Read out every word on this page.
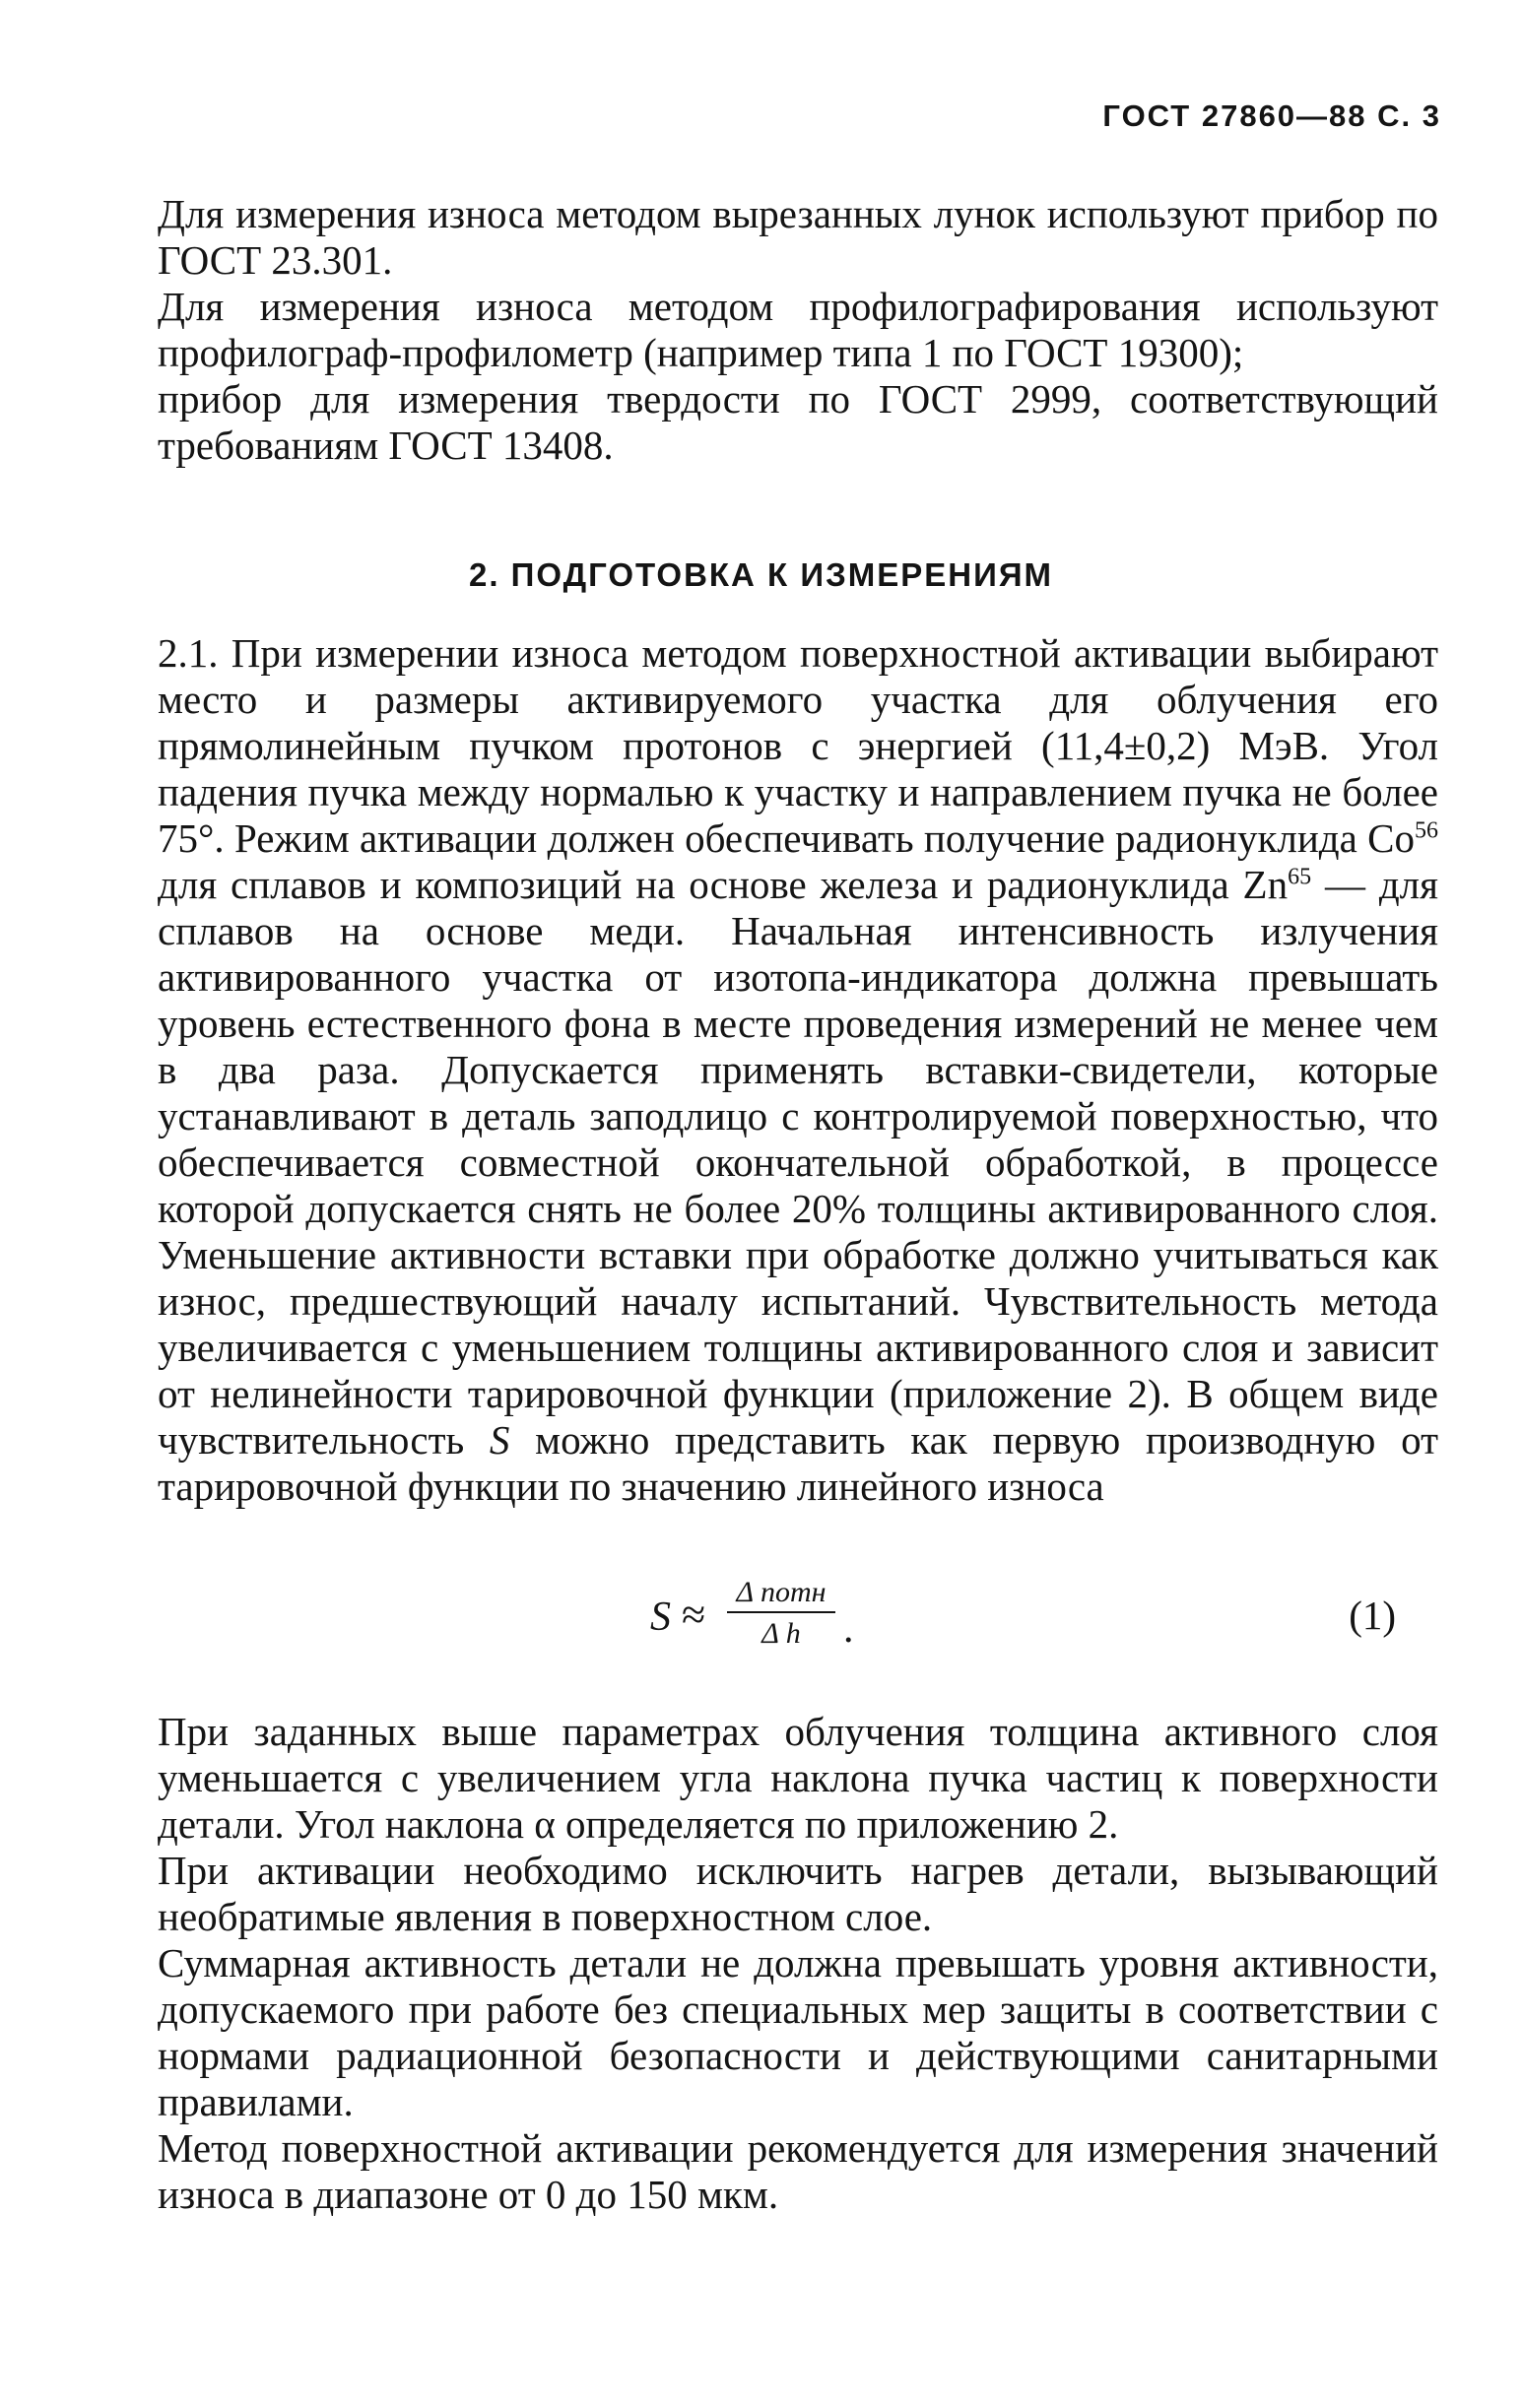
ГОСТ 27860—88 С. 3

Для измерения износа методом вырезанных лунок используют прибор по ГОСТ 23.301.

Для измерения износа методом профилографирования используют профилограф-профилометр (например типа 1 по ГОСТ 19300);

прибор для измерения твердости по ГОСТ 2999, соответствующий требованиям ГОСТ 13408.

2. ПОДГОТОВКА К ИЗМЕРЕНИЯМ

2.1. При измерении износа методом поверхностной активации выбирают место и размеры активируемого участка для облучения его прямолинейным пучком протонов с энергией (11,4±0,2) МэВ. Угол падения пучка между нормалью к участку и направлением пучка не более 75°. Режим активации должен обеспечивать получение радионуклида Co$^{56}$ для сплавов и композиций на основе железа и радионуклида Zn$^{65}$ — для сплавов на основе меди. Начальная интенсивность излучения активированного участка от изотопа-индикатора должна превышать уровень естественного фона в месте проведения измерений не менее чем в два раза. Допускается применять вставки-свидетели, которые устанавливают в деталь заподлицо с контролируемой поверхностью, что обеспечивается совместной окончательной обработкой, в процессе которой допускается снять не более 20% толщины активированного слоя. Уменьшение активности вставки при обработке должно учитываться как износ, предшествующий началу испытаний. Чувствительность метода увеличивается с уменьшением толщины активированного слоя и зависит от нелинейности тарировочной функции (приложение 2). В общем виде чувствительность S можно представить как первую производную от тарировочной функции по значению линейного износа

S ≈	Δ nотн
Δ h	.	(1)

При заданных выше параметрах облучения толщина активного слоя уменьшается с увеличением угла наклона пучка частиц к поверхности детали. Угол наклона α определяется по приложению 2.

При активации необходимо исключить нагрев детали, вызывающий необратимые явления в поверхностном слое.

Суммарная активность детали не должна превышать уровня активности, допускаемого при работе без специальных мер защиты в соответствии с нормами радиационной безопасности и действующими санитарными правилами.

Метод поверхностной активации рекомендуется для измерения значений износа в диапазоне от 0 до 150 мкм.
